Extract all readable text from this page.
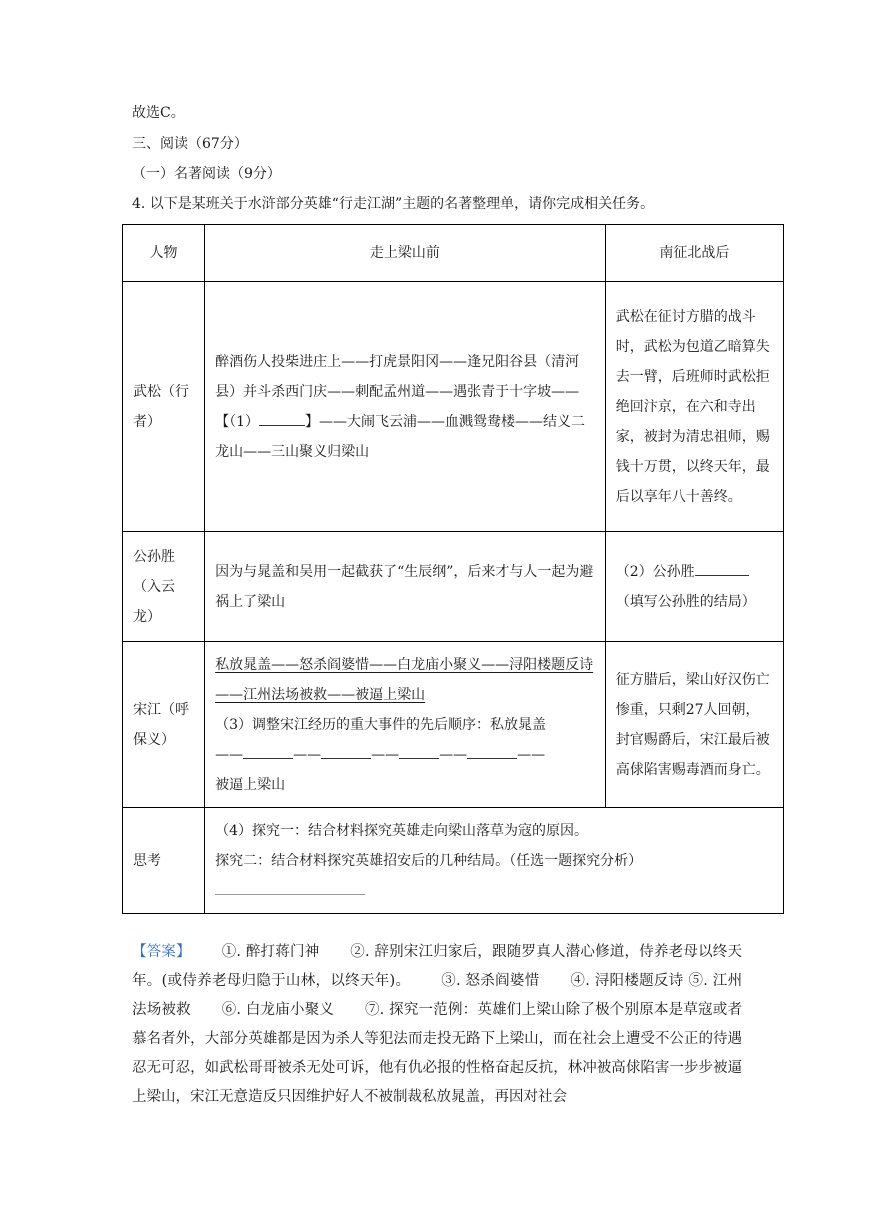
故选C。
三、阅读（67分）
（一）名著阅读（9分）
4. 以下是某班关于水浒部分英雄“行走江湖”主题的名著整理单，请你完成相关任务。
人物	走上梁山前	南征北战后
武松（行者）	醉酒伤人投柴进庄上——打虎景阳冈——逢兄阳谷县（清河县）并斗杀西门庆——刺配孟州道——遇张青于十字坡——【（1） 】——大闹飞云浦——血溅鸳鸯楼——结义二龙山——三山聚义归梁山	武松在征讨方腊的战斗时，武松为包道乙暗算失去一臂，后班师时武松拒绝回汴京，在六和寺出家，被封为清忠祖师，赐钱十万贯，以终天年，最后以享年八十善终。
公孙胜（入云龙）	因为与晁盖和吴用一起截获了“生辰纲”，后来才与人一起为避祸上了梁山	（2）公孙胜
（填写公孙胜的结局）
宋江（呼保义）	私放晁盖——怒杀阎婆惜——白龙庙小聚义——浔阳楼题反诗——江州法场被救——被逼上梁山
（3）调整宋江经历的重大事件的先后顺序：私放晁盖
—— —— —— —— ——
被逼上梁山	征方腊后，梁山好汉伤亡惨重，只剩27人回朝，封官赐爵后，宋江最后被高俅陷害赐毒酒而身亡。
思考	（4）探究一：结合材料探究英雄走向梁山落草为寇的原因。
探究二：结合材料探究英雄招安后的几种结局。（任选一题探究分析）	

【答案】 ①. 醉打蒋门神 ②. 辞别宋江归家后，跟随罗真人潜心修道，侍养老母以终天年。(或侍养老母归隐于山林，以终天年)。 ③. 怒杀阎婆惜 ④. 浔阳楼题反诗 ⑤. 江州法场被救 ⑥. 白龙庙小聚义 ⑦. 探究一范例：英雄们上梁山除了极个别原本是草寇或者慕名者外，大部分英雄都是因为杀人等犯法而走投无路下上梁山，而在社会上遭受不公正的待遇忍无可忍，如武松哥哥被杀无处可诉，他有仇必报的性格奋起反抗，林冲被高俅陷害一步步被逼上梁山，宋江无意造反只因维护好人不被制裁私放晁盖，再因对社会
